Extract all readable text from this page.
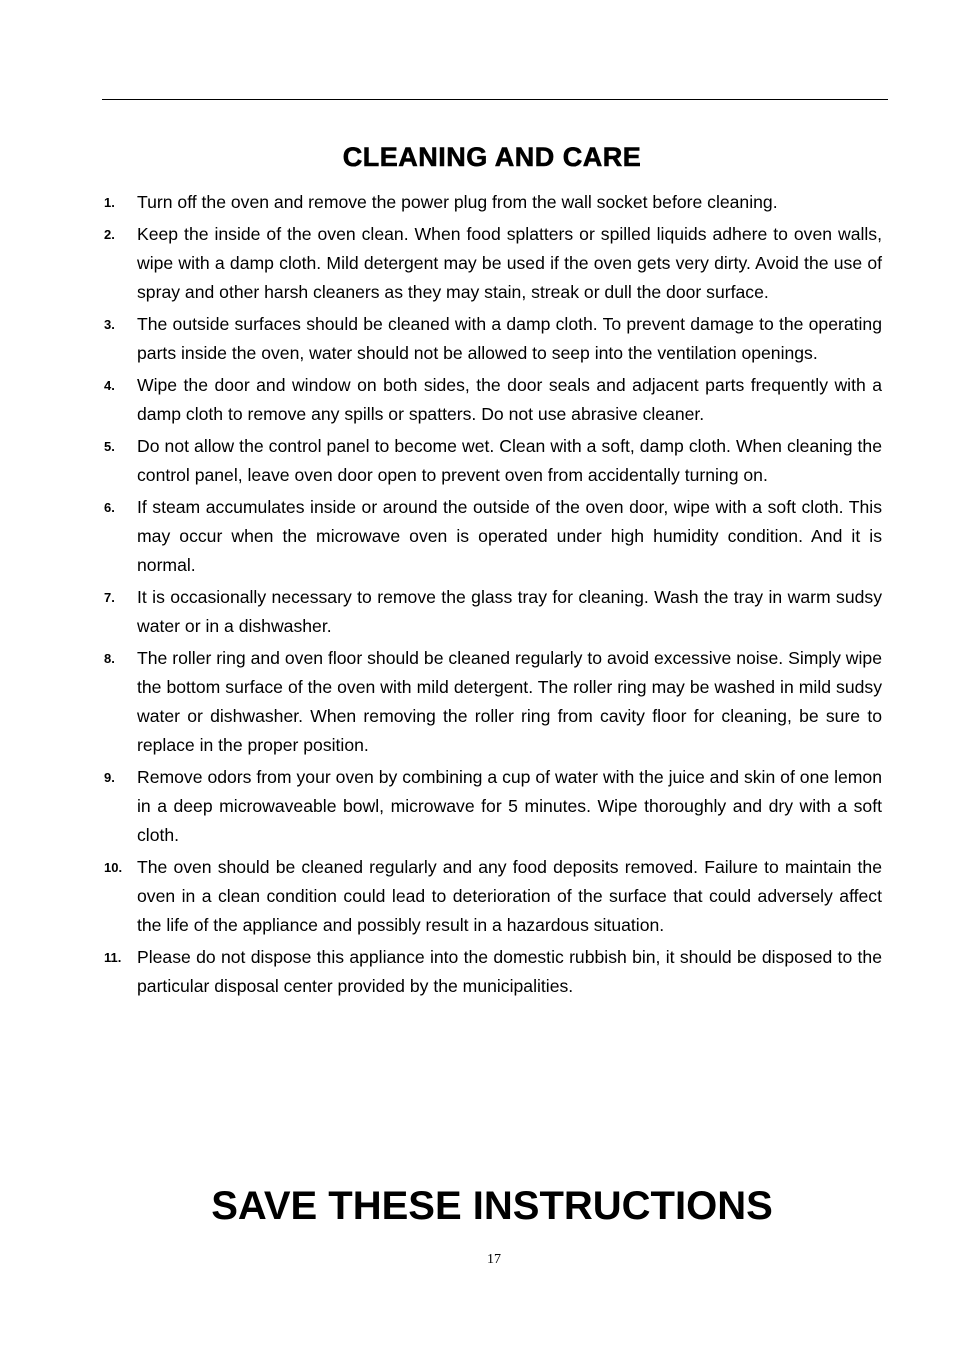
CLEANING AND CARE
1.	Turn off the oven and remove the power plug from the wall socket before cleaning.
2.	Keep the inside of the oven clean. When food splatters or spilled liquids adhere to oven walls, wipe with a damp cloth. Mild detergent may be used if the oven gets very dirty. Avoid the use of spray and other harsh cleaners as they may stain, streak or dull the door surface.
3.	The outside surfaces should be cleaned with a damp cloth. To prevent damage to the operating parts inside the oven, water should not be allowed to seep into the ventilation openings.
4.	Wipe the door and window on both sides, the door seals and adjacent parts frequently with a damp cloth to remove any spills or spatters. Do not use abrasive cleaner.
5.	Do not allow the control panel to become wet. Clean with a soft, damp cloth. When cleaning the control panel, leave oven door open to prevent oven from accidentally turning on.
6.	If steam accumulates inside or around the outside of the oven door, wipe with a soft cloth. This may occur when the microwave oven is operated under high humidity condition. And it is normal.
7.	It is occasionally necessary to remove the glass tray for cleaning. Wash the tray in warm sudsy water or in a dishwasher.
8.	The roller ring and oven floor should be cleaned regularly to avoid excessive noise. Simply wipe the bottom surface of the oven with mild detergent. The roller ring may be washed in mild sudsy water or dishwasher. When removing the roller ring from cavity floor for cleaning, be sure to replace in the proper position.
9.	Remove odors from your oven by combining a cup of water with the juice and skin of one lemon in a deep microwaveable bowl, microwave for 5 minutes. Wipe thoroughly and dry with a soft cloth.
10. The oven should be cleaned regularly and any food deposits removed. Failure to maintain the oven in a clean condition could lead to deterioration of the surface that could adversely affect the life of the appliance and possibly result in a hazardous situation.
11. Please do not dispose this appliance into the domestic rubbish bin, it should be disposed to the particular disposal center provided by the municipalities.
SAVE THESE INSTRUCTIONS
17
